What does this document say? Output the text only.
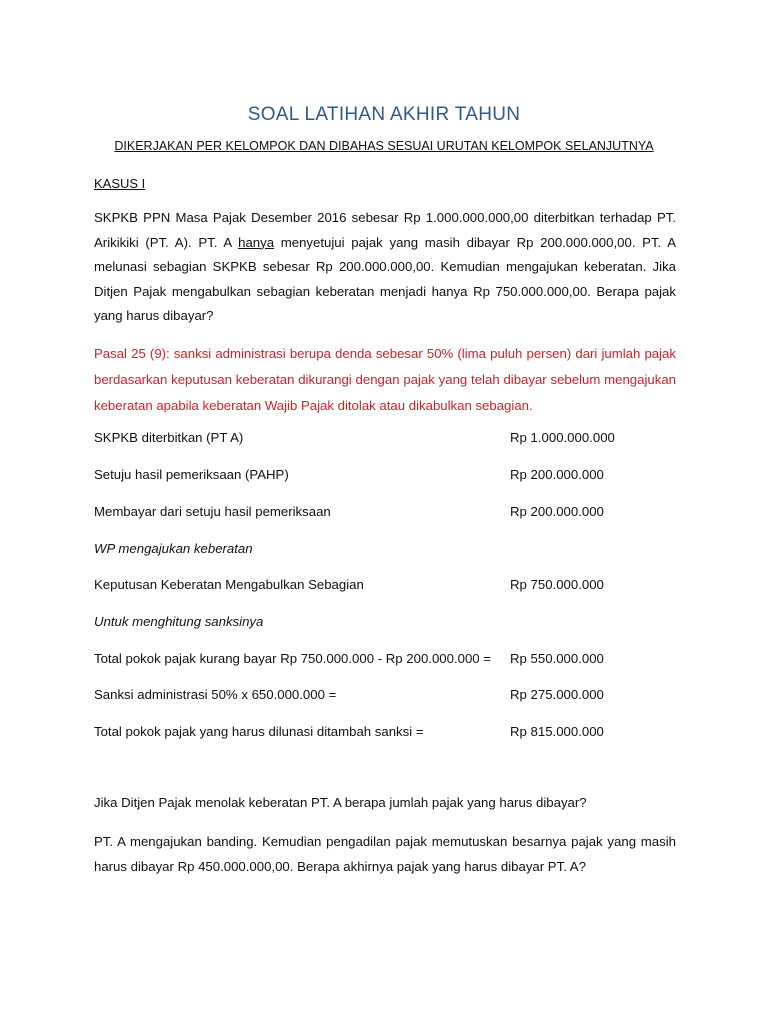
SOAL LATIHAN AKHIR TAHUN
DIKERJAKAN PER KELOMPOK DAN DIBAHAS SESUAI URUTAN KELOMPOK SELANJUTNYA
KASUS I
SKPKB PPN Masa Pajak Desember 2016 sebesar Rp 1.000.000.000,00 diterbitkan terhadap PT. Arikikiki (PT. A). PT. A hanya menyetujui pajak yang masih dibayar Rp 200.000.000,00. PT. A melunasi sebagian SKPKB sebesar Rp 200.000.000,00. Kemudian mengajukan keberatan. Jika Ditjen Pajak mengabulkan sebagian keberatan menjadi hanya Rp 750.000.000,00. Berapa pajak yang harus dibayar?
Pasal 25 (9): sanksi administrasi berupa denda sebesar 50% (lima puluh persen) dari jumlah pajak berdasarkan keputusan keberatan dikurangi dengan pajak yang telah dibayar sebelum mengajukan keberatan apabila keberatan Wajib Pajak ditolak atau dikabulkan sebagian.
SKPKB diterbitkan (PT A)	Rp 1.000.000.000
Setuju hasil pemeriksaan (PAHP)	Rp 200.000.000
Membayar dari setuju hasil pemeriksaan	Rp 200.000.000
WP mengajukan keberatan
Keputusan Keberatan Mengabulkan Sebagian	Rp 750.000.000
Untuk menghitung sanksinya
Total pokok pajak kurang bayar Rp 750.000.000 - Rp 200.000.000 = Rp 550.000.000
Sanksi administrasi 50% x 650.000.000 =	Rp 275.000.000
Total pokok pajak yang harus dilunasi ditambah sanksi =	Rp 815.000.000
Jika Ditjen Pajak menolak keberatan PT. A berapa jumlah pajak yang harus dibayar?
PT. A mengajukan banding. Kemudian pengadilan pajak memutuskan besarnya pajak yang masih harus dibayar Rp 450.000.000,00. Berapa akhirnya pajak yang harus dibayar PT. A?
